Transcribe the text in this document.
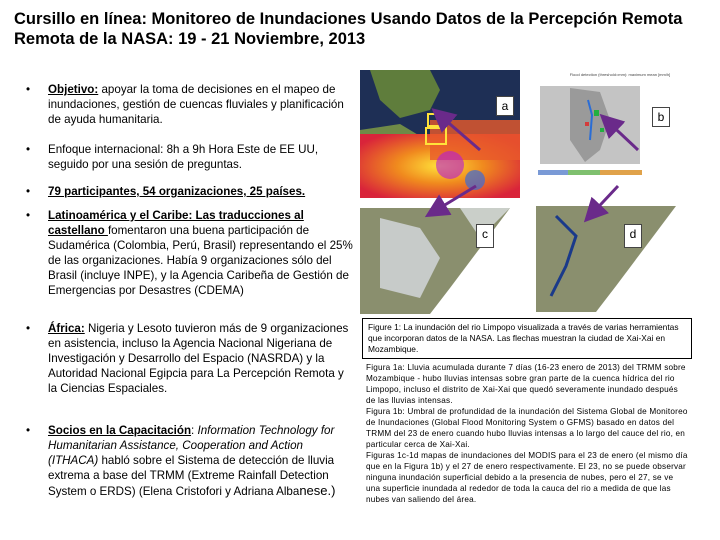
Cursillo en línea: Monitoreo de Inundaciones Usando Datos de la Percepción Remota Remota de la NASA: 19 - 21 Noviembre, 2013
• Objetivo: apoyar la toma de decisiones en el mapeo de inundaciones, gestión de cuencas fluviales y planificación de ayuda humanitaria.
• Enfoque internacional: 8h a 9h Hora Este de EE UU, seguido por una sesión de preguntas.
• 79 participantes, 54 organizaciones, 25 países.
• Latinoamérica y el Caribe: Las traducciones al castellano fomentaron una buena participación de Sudamérica (Colombia, Perú, Brasil) representando el 25% de las organizaciones. Había 9 organizaciones sólo del Brasil (incluye INPE), y la Agencia Caribeña de Gestión de Emergencias por Desastres (CDEMA)
• África: Nigeria y Lesoto tuvieron más de 9 organizaciones en asistencia, incluso la Agencia Nacional Nigeriana de Investigación y Desarrollo del Espacio (NASRDA) y la Autoridad Nacional Egipcia para La Percepción Remota y la Ciencias Espaciales.
• Socios en la Capacitación: Information Technology for Humanitarian Assistance, Cooperation and Action (ITHACA) habló sobre el Sistema de detección de lluvia extrema a base del TRMM (Extreme Rainfall Detection System o ERDS) (Elena Cristofori y Adriana Albanese.)
a
Flood detection (threshold=mm): maximum mean [mm/h]
b
c	d
Figure 1: La inundación del rio Limpopo visualizada a través de varias herramientas que incorporan datos de la NASA. Las flechas muestran la ciudad de Xai-Xai en Mozambique.
Figura 1a: Lluvia acumulada durante 7 días (16-23 enero de 2013) del TRMM sobre Mozambique - hubo lluvias intensas sobre gran parte de la cuenca hídrica del rio Limpopo, incluso el distrito de Xai-Xai que quedó severamente inundado después de las lluvias intensas.
Figura 1b: Umbral de profundidad de la inundación del Sistema Global de Monitoreo de Inundaciones (Global Flood Monitoring System o GFMS) basado en datos del TRMM del 23 de enero cuando hubo lluvias intensas a lo largo del cauce del rio, en particular cerca de Xai-Xai.
Figuras 1c-1d mapas de inundaciones del MODIS para el 23 de enero (el mismo día que en la Figura 1b) y el 27 de enero respectivamente. El 23, no se puede observar ninguna inundación superficial debido a la presencia de nubes, pero el 27, se ve una superficie inundada al rededor de toda la cauca del rio a medida de que las nubes van saliendo del área.
